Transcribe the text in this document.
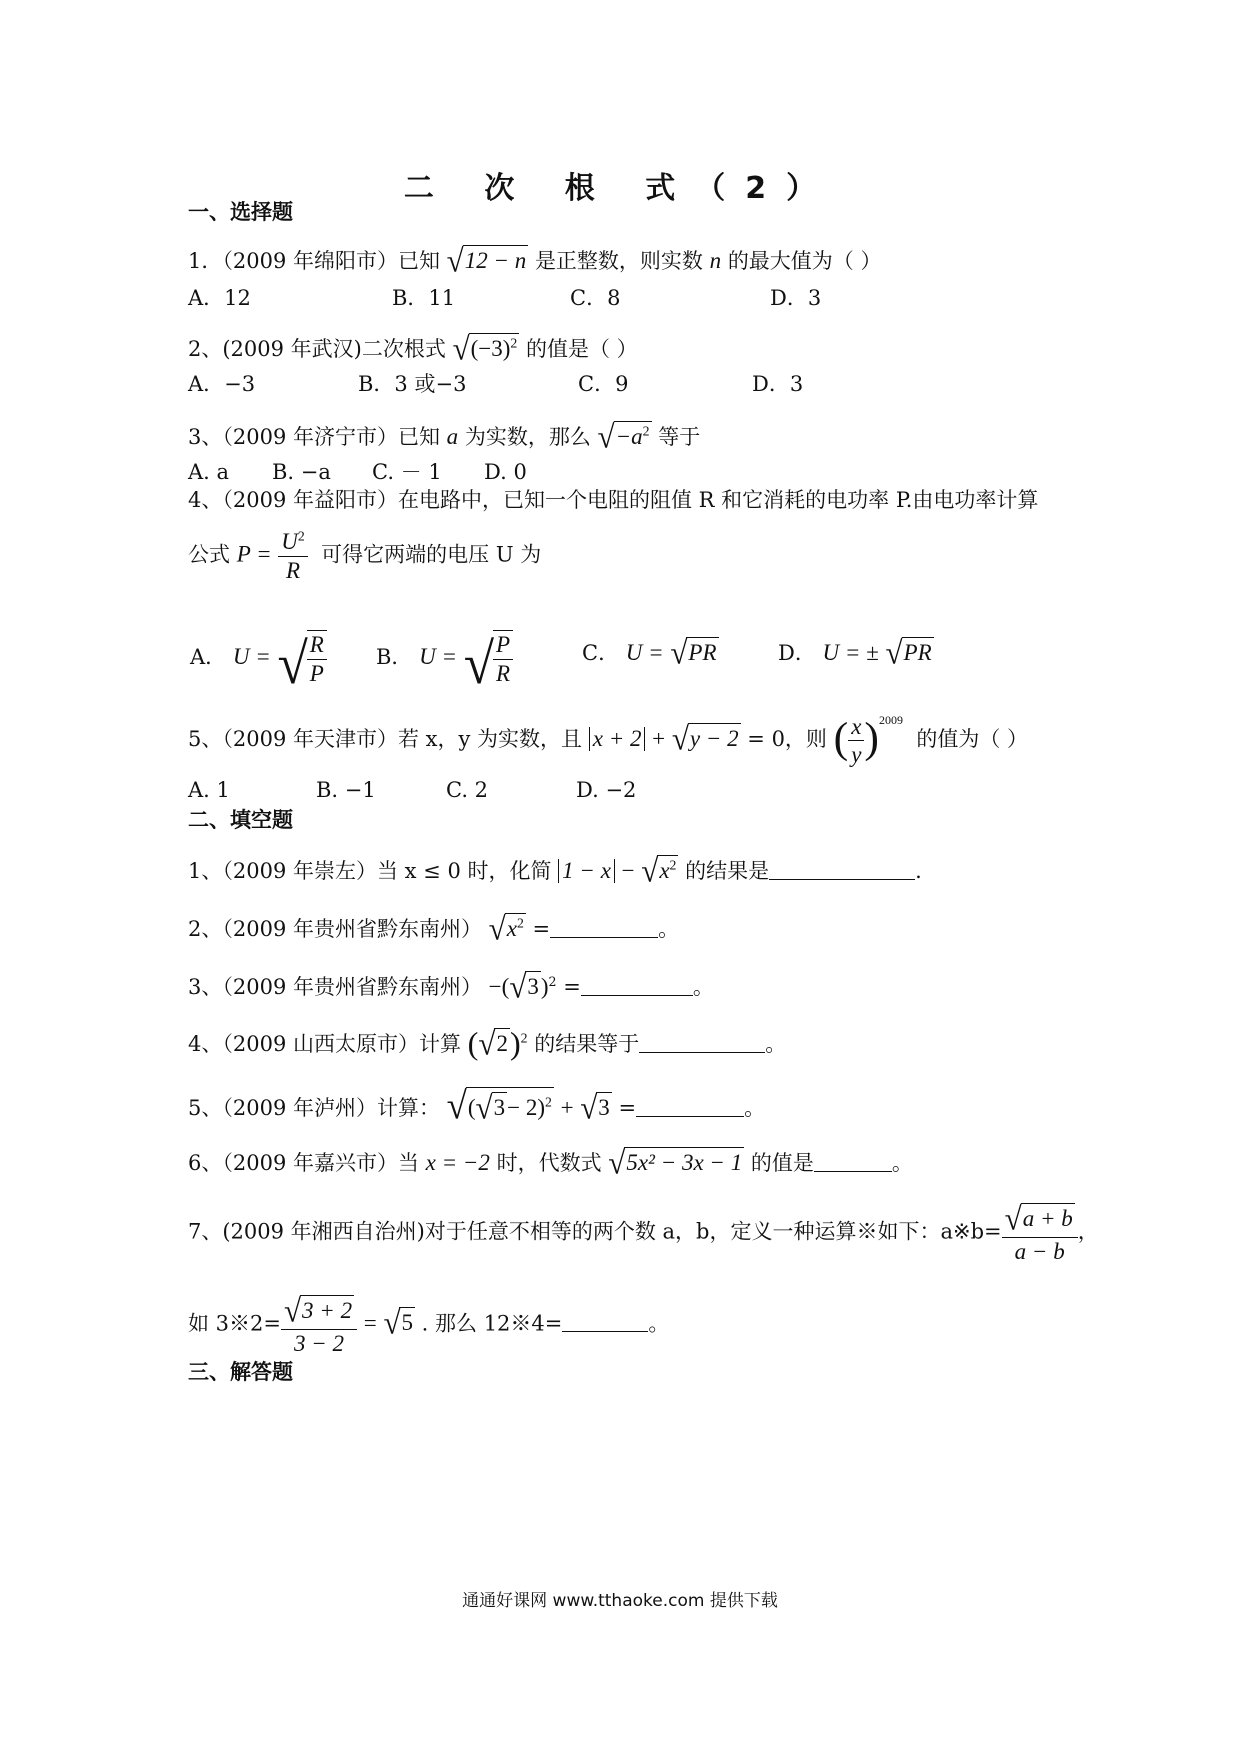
二 次 根 式（2）
一、选择题
1．（2009 年绵阳市）已知 √12 − n 是正整数，则实数 n 的最大值为（ ）
A．12	B．11	C．8	D．3
2、(2009 年武汉)二次根式 $√(-3)^2$ 的值是（ ）
A．−3	B．3 或−3	C．9	D．3
3、（2009 年济宁市）已知 a 为实数，那么 $√-a^2$ 等于
A. a B. −a C. － 1 D. 0
4、（2009 年益阳市）在电路中，已知一个电阻的阻值 R 和它消耗的电功率 P.由电功率计算
公式 $P = \frac{U^2}{R}$ 可得它两端的电压 U 为
A． U = √ $\frac{R}{P}$ B． U = √ $\frac{P}{R}$	C． U = √PR	D． U = ± √PR
5、（2009 年天津市）若 x，y 为实数，且 x + 2 + √y − 2 = 0，则 ( $\frac{x}{y} )^{2009}$  的值为（ ）
A. 1	B. −1	C. 2	D. −2
二、填空题
1、（2009 年崇左）当 x ≤ 0 时，化简 $1 - x - √x^2$ 的结果是	.
2、（2009 年贵州省黔东南州） $√x^2$ =	。
3、（2009 年贵州省黔东南州） $-(√3)^2$ =	。
4、（2009 山西太原市）计算 $(√2)^2$ 的结果等于	。
5、（2009 年泸州）计算： $√(√3- 2)^2 + √3$ =	。
6、（2009 年嘉兴市）当 x = −2 时，代数式 √5x² − 3x − 1 的值是	。
7、(2009 年湘西自治州)对于任意不相等的两个数 a，b，定义一种运算※如下：a※b= $\frac{√a + b}{a - b}$ ，
如 3※2= $\frac{√3 + 2}{3 - 2} = √5$ . 那么 12※4=	。
三、解答题
通通好课网 www.tthaoke.com 提供下载
